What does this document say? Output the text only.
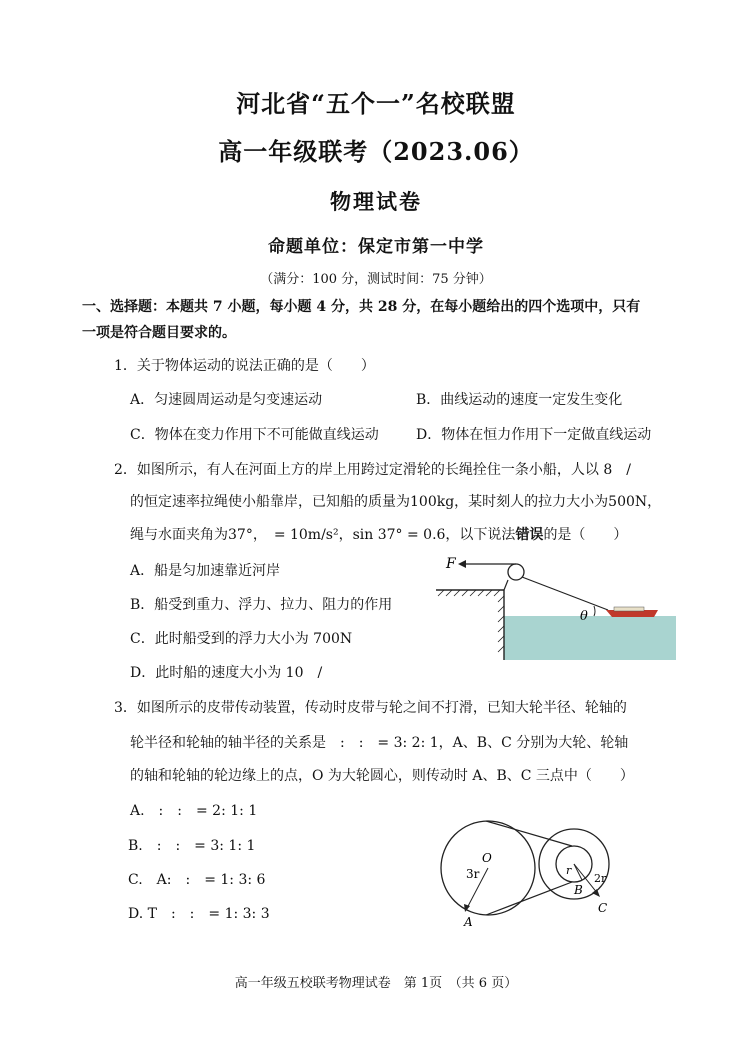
河北省“五个一”名校联盟
高一年级联考（2023.06）
物理试卷
命题单位：保定市第一中学
（满分：100 分，测试时间：75 分钟）
一、选择题：本题共 7 小题，每小题 4 分，共 28 分，在每小题给出的四个选项中，只有
一项是符合题目要求的。
1．关于物体运动的说法正确的是（　　）
A．匀速圆周运动是匀变速运动	B．曲线运动的速度一定发生变化
C．物体在变力作用下不可能做直线运动	D．物体在恒力作用下一定做直线运动
2．如图所示，有人在河面上方的岸上用跨过定滑轮的长绳拴住一条小船，人以 8　/
的恒定速率拉绳使小船靠岸，已知船的质量为100kg，某时刻人的拉力大小为500N，
绳与水面夹角为37°，　= 10m/s²，sin 37° = 0.6，以下说法错误的是（　　）
A．船是匀加速靠近河岸
B．船受到重力、浮力、拉力、阻力的作用
C．此时船受到的浮力大小为 700N
D．此时船的速度大小为 10　/
F
θ
3．如图所示的皮带传动装置，传动时皮带与轮之间不打滑，已知大轮半径、轮轴的
轮半径和轮轴的轴半径的关系是　:　:　= 3: 2: 1，A、B、C 分别为大轮、轮轴
的轴和轮轴的轮边缘上的点，O 为大轮圆心，则传动时 A、B、C 三点中（　　）
A.　:　:　= 2: 1: 1
B.　:　:　= 3: 1: 1
C.　A:　:　= 1: 3: 6
D. T　:　:　= 1: 3: 3
O
3r
A
r
2r
B
C
高一年级五校联考物理试卷　第 1页　（共 6 页）
